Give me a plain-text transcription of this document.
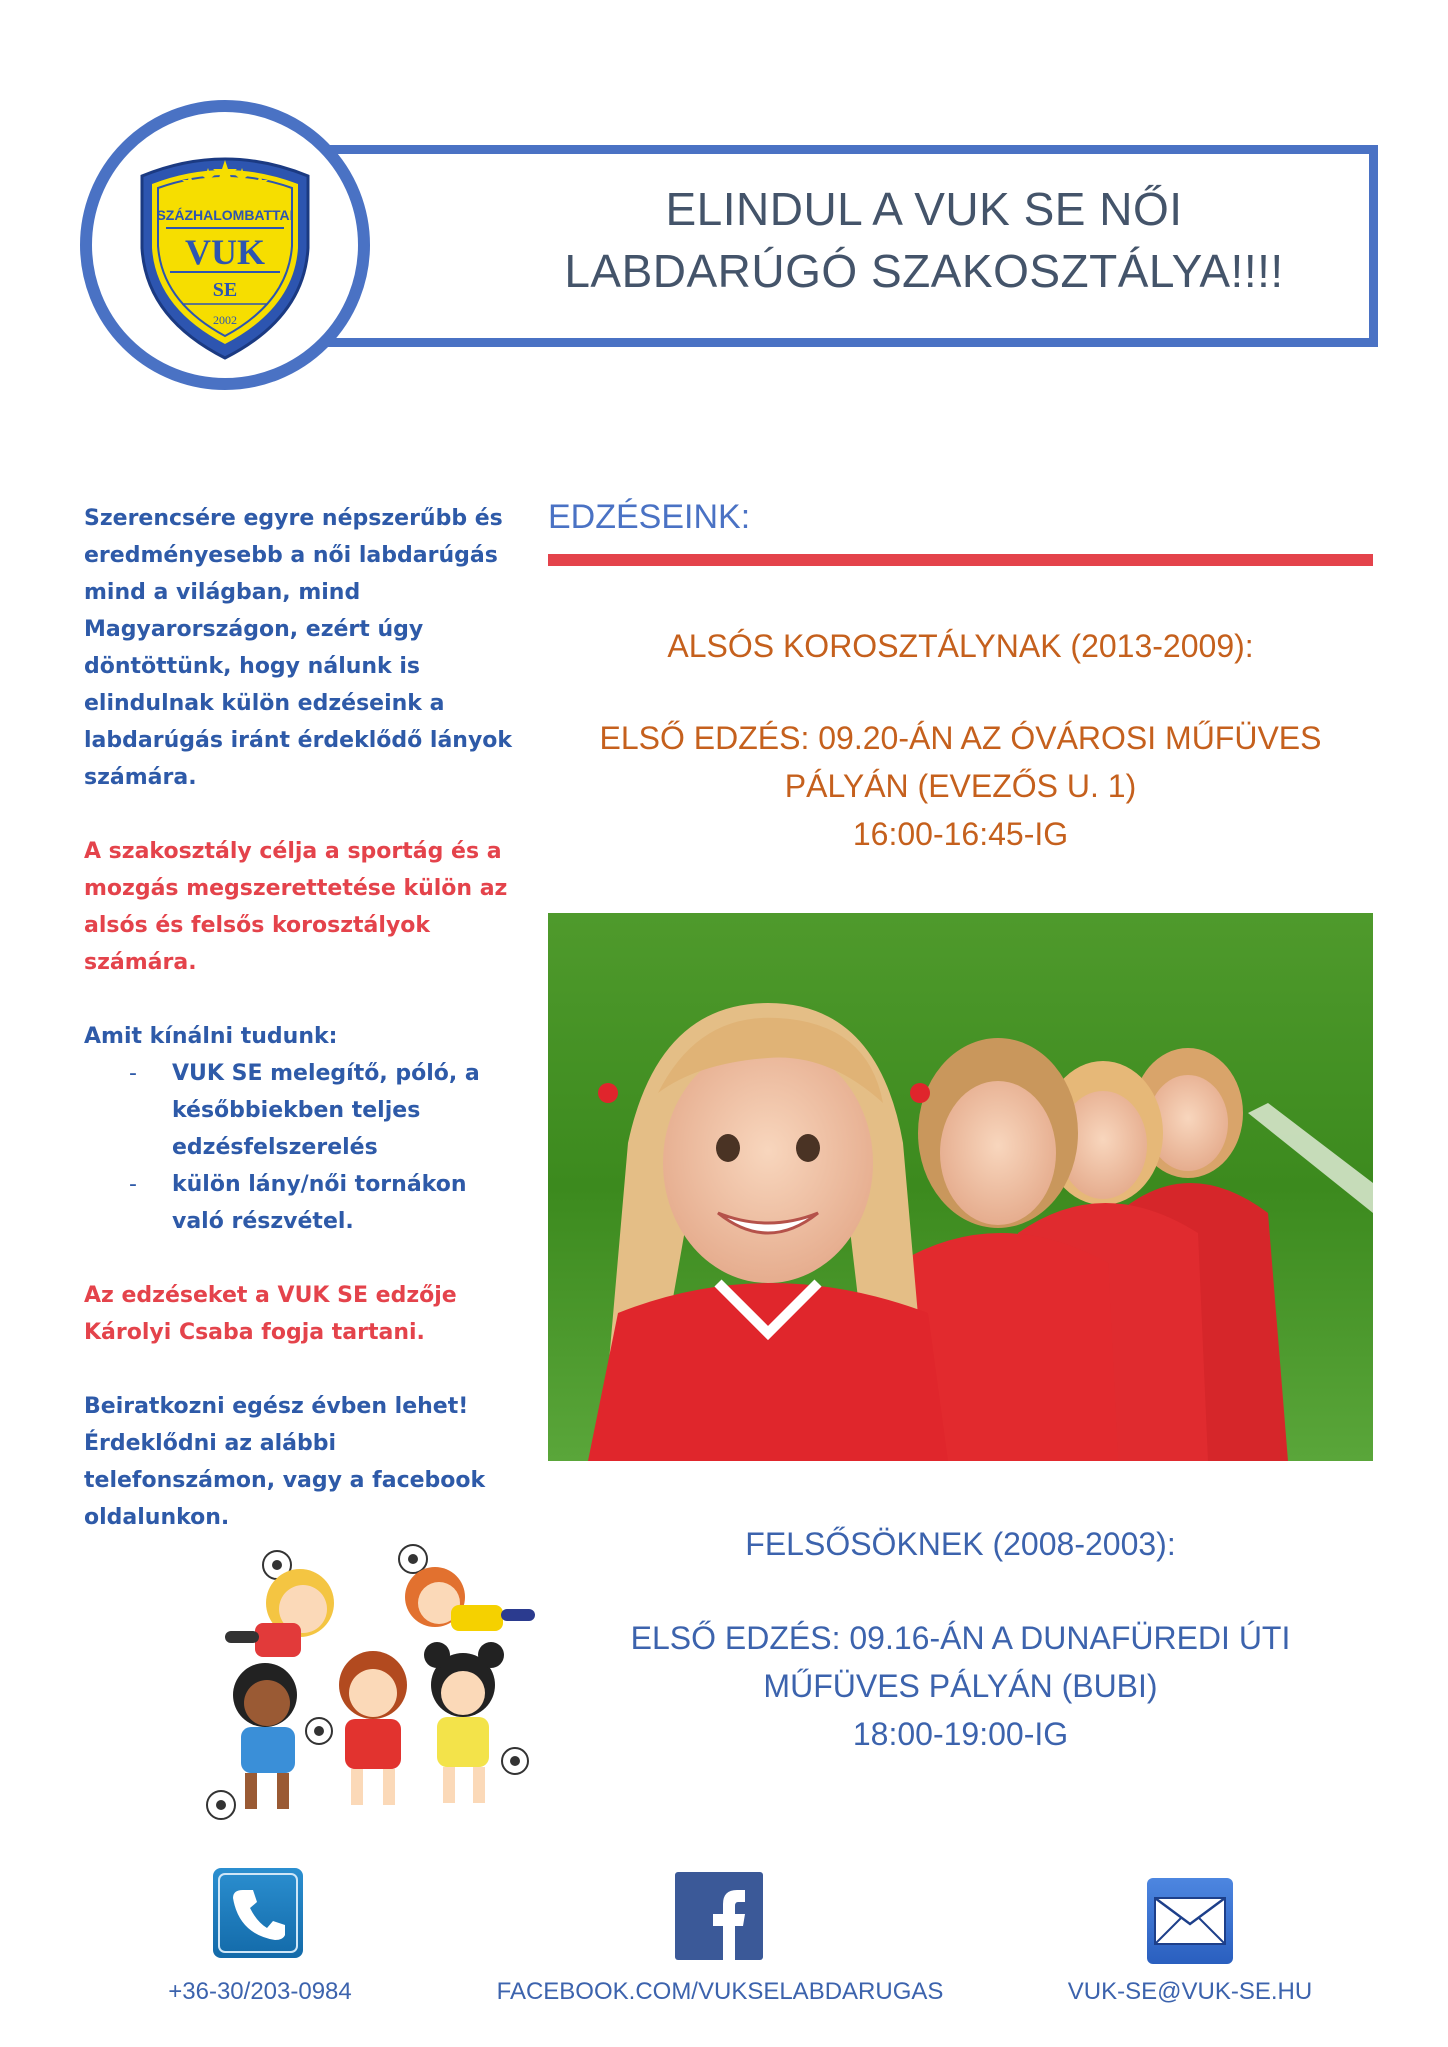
SZÁZHALOMBATTAI
VUK
SE
2002
ELINDUL A VUK SE NŐI
LABDARÚGÓ SZAKOSZTÁLYA!!!!

Szerencsére egyre népszerűbb és eredményesebb a női labdarúgás mind a világban, mind Magyarországon, ezért úgy döntöttünk, hogy nálunk is elindulnak külön edzéseink a labdarúgás iránt érdeklődő lányok számára.

A szakosztály célja a sportág és a mozgás megszerettetése külön az alsós és felsős korosztályok számára.

Amit kínálni tudunk:

- VUK SE melegítő, póló, a későbbiekben teljes edzésfelszerelés
- külön lány/női tornákon való részvétel.

Az edzéseket a VUK SE edzője Károlyi Csaba fogja tartani.

Beiratkozni egész évben lehet! Érdeklődni az alábbi telefonszámon, vagy a facebook oldalunkon.

EDZÉSEINK:
ALSÓS KOROSZTÁLYNAK (2013-2009):
ELSŐ EDZÉS: 09.20-ÁN AZ ÓVÁROSI MŰFÜVES
PÁLYÁN (EVEZŐS U. 1)
16:00-16:45-IG
FELSŐSÖKNEK (2008-2003):
ELSŐ EDZÉS: 09.16-ÁN A DUNAFÜREDI ÚTI
MŰFÜVES PÁLYÁN (BUBI)
18:00-19:00-IG
+36-30/203-0984	FACEBOOK.COM/VUKSELABDARUGAS	VUK-SE@VUK-SE.HU
